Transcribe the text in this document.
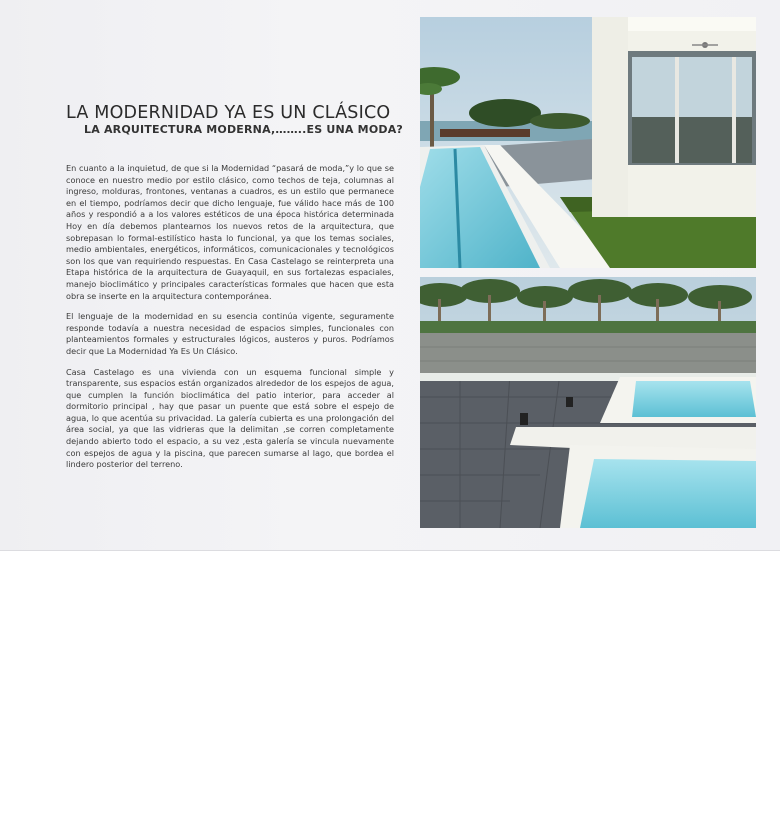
LA MODERNIDAD YA ES UN CLÁSICO
LA ARQUITECTURA MODERNA,……..ES UNA MODA?

En cuanto a la inquietud, de que si la Modernidad “pasará de moda,”y lo que se conoce en nuestro medio por estilo clásico, como techos de teja, columnas al ingreso, molduras, frontones, ventanas a cuadros, es un estilo que permanece en el tiempo, podríamos decir que dicho lenguaje, fue válido hace más de 100 años y respondió a a los valores estéticos de una época histórica determinada Hoy en día debemos plantearnos los nuevos retos de la arquitectura, que sobrepasan lo formal-estilístico hasta lo funcional, ya que los temas sociales, medio ambientales, energéticos, informáticos, comunicacionales y tecnológicos son los que van requiriendo respuestas. En Casa Castelago se reinterpreta una Etapa histórica de la arquitectura de Guayaquil, en sus fortalezas espaciales, manejo bioclimático y principales características formales que hacen que esta obra se inserte en la arquitectura contemporánea.

El lenguaje de la modernidad en su esencia continúa vigente, seguramente responde todavía a nuestra necesidad de espacios simples, funcionales con planteamientos formales y estructurales lógicos, austeros y puros. Podríamos decir que La Modernidad Ya Es Un Clásico.

Casa Castelago es una vivienda con un esquema funcional simple y transparente, sus espacios están organizados alrededor de los espejos de agua, que cumplen la función bioclimática del patio interior, para acceder al dormitorio principal , hay que pasar un puente que está sobre el espejo de agua, lo que acentúa su privacidad. La galería cubierta es una prolongación del área social, ya que las vidrieras que la delimitan ,se corren completamente dejando abierto todo el espacio, a su vez ,esta galería se vincula nuevamente con espejos de agua y la piscina, que parecen sumarse al lago, que bordea el lindero posterior del terreno.
